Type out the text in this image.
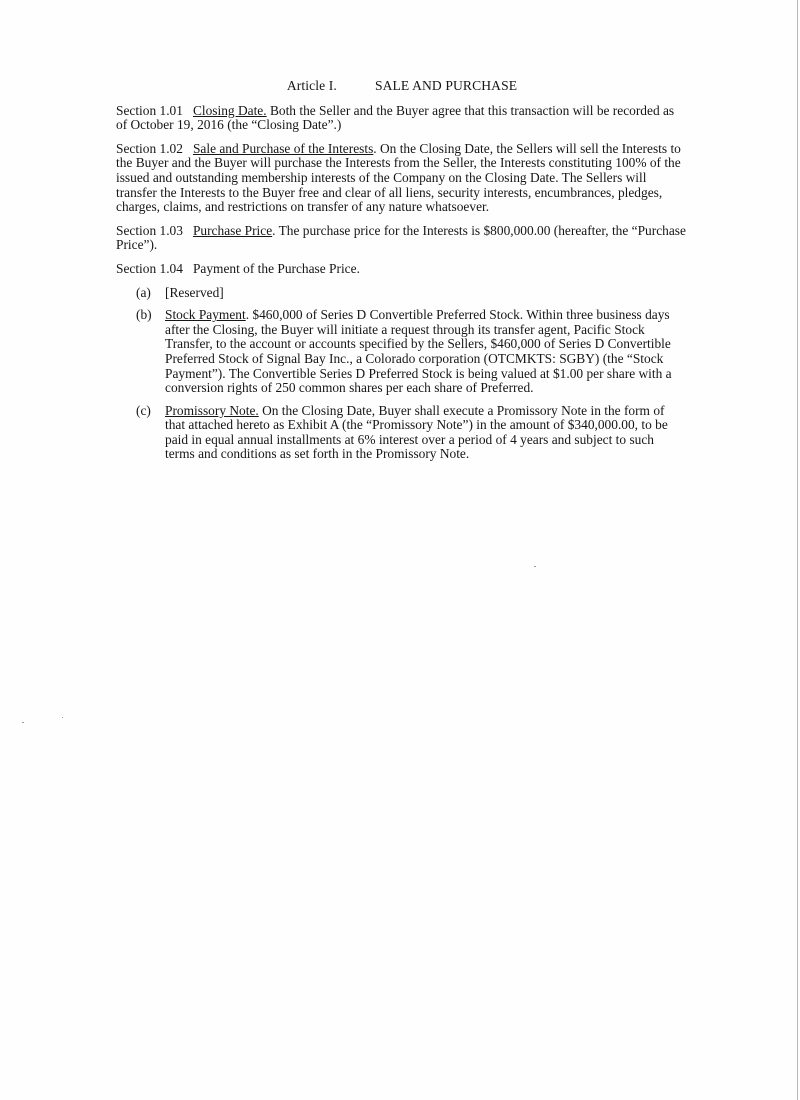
Article I.	SALE AND PURCHASE
Section 1.01 Closing Date. Both the Seller and the Buyer agree that this transaction will be recorded as of October 19, 2016 (the “Closing Date”.)
Section 1.02 Sale and Purchase of the Interests. On the Closing Date, the Sellers will sell the Interests to the Buyer and the Buyer will purchase the Interests from the Seller, the Interests constituting 100% of the issued and outstanding membership interests of the Company on the Closing Date. The Sellers will transfer the Interests to the Buyer free and clear of all liens, security interests, encumbrances, pledges, charges, claims, and restrictions on transfer of any nature whatsoever.
Section 1.03 Purchase Price. The purchase price for the Interests is $800,000.00 (hereafter, the “Purchase Price”).
Section 1.04 Payment of the Purchase Price.
(a)	[Reserved]
(b) Stock Payment. $460,000 of Series D Convertible Preferred Stock. Within three business days after the Closing, the Buyer will initiate a request through its transfer agent, Pacific Stock Transfer, to the account or accounts specified by the Sellers, $460,000 of Series D Convertible Preferred Stock of Signal Bay Inc., a Colorado corporation (OTCMKTS: SGBY) (the “Stock Payment”). The Convertible Series D Preferred Stock is being valued at $1.00 per share with a conversion rights of 250 common shares per each share of Preferred.
(c)	Promissory Note. On the Closing Date, Buyer shall execute a Promissory Note in the form of that attached hereto as Exhibit A (the “Promissory Note”) in the amount of $340,000.00, to be paid in equal annual installments at 6% interest over a period of 4 years and subject to such terms and conditions as set forth in the Promissory Note.
